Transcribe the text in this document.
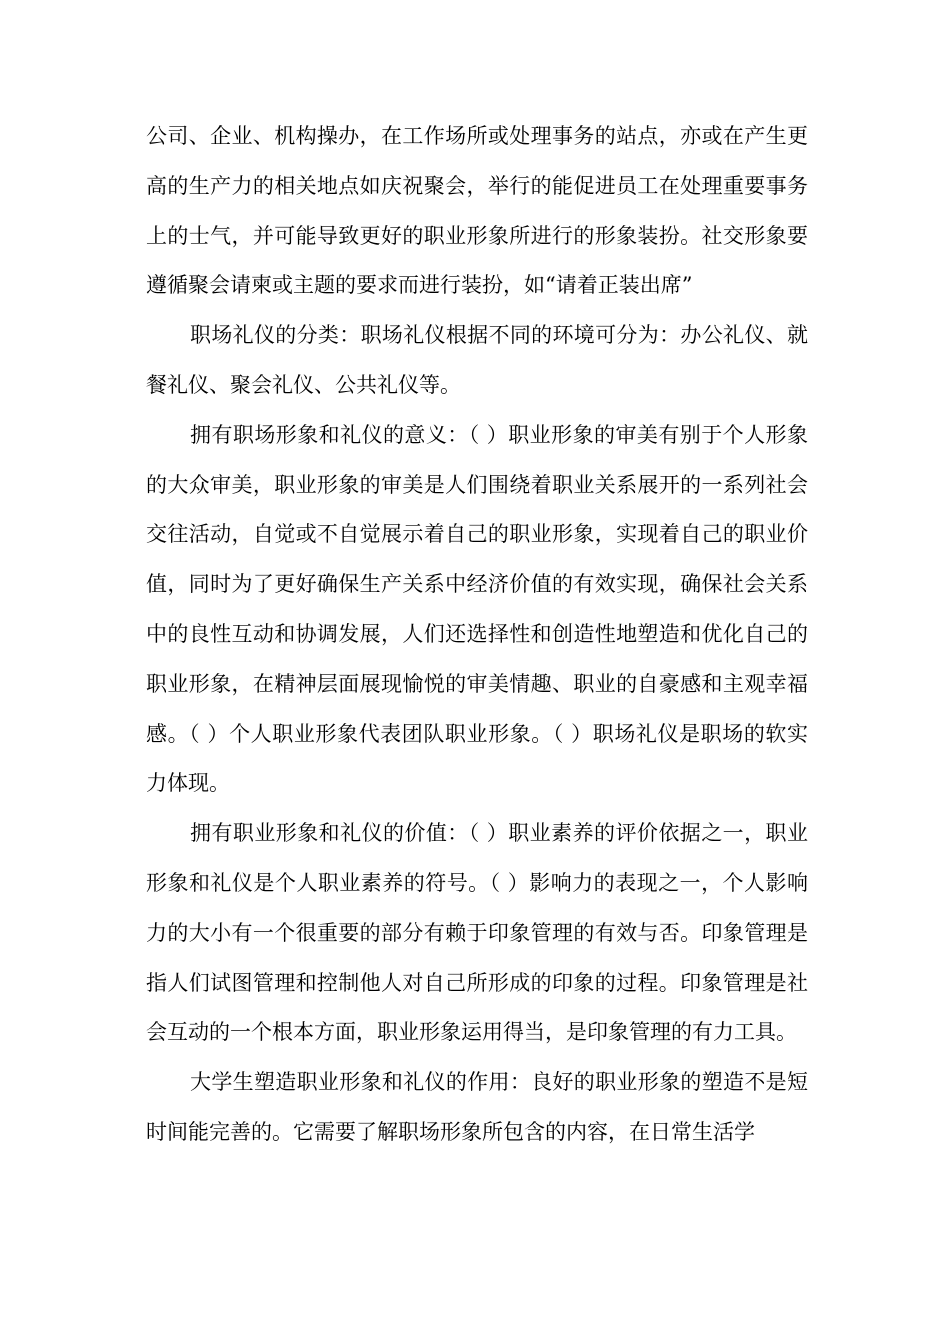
公司、企业、机构操办，在工作场所或处理事务的站点，亦或在产生更高的生产力的相关地点如庆祝聚会，举行的能促进员工在处理重要事务上的士气，并可能导致更好的职业形象所进行的形象装扮。社交形象要遵循聚会请柬或主题的要求而进行装扮，如“请着正装出席”

职场礼仪的分类：职场礼仪根据不同的环境可分为：办公礼仪、就餐礼仪、聚会礼仪、公共礼仪等。

拥有职场形象和礼仪的意义：（ ）职业形象的审美有别于个人形象的大众审美，职业形象的审美是人们围绕着职业关系展开的一系列社会交往活动，自觉或不自觉展示着自己的职业形象，实现着自己的职业价值，同时为了更好确保生产关系中经济价值的有效实现，确保社会关系中的良性互动和协调发展，人们还选择性和创造性地塑造和优化自己的职业形象，在精神层面展现愉悦的审美情趣、职业的自豪感和主观幸福感。（ ）个人职业形象代表团队职业形象。（ ）职场礼仪是职场的软实力体现。

拥有职业形象和礼仪的价值：（ ）职业素养的评价依据之一，职业形象和礼仪是个人职业素养的符号。（ ）影响力的表现之一，个人影响力的大小有一个很重要的部分有赖于印象管理的有效与否。印象管理是指人们试图管理和控制他人对自己所形成的印象的过程。印象管理是社会互动的一个根本方面，职业形象运用得当，是印象管理的有力工具。

大学生塑造职业形象和礼仪的作用：良好的职业形象的塑造不是短时间能完善的。它需要了解职场形象所包含的内容，在日常生活学
